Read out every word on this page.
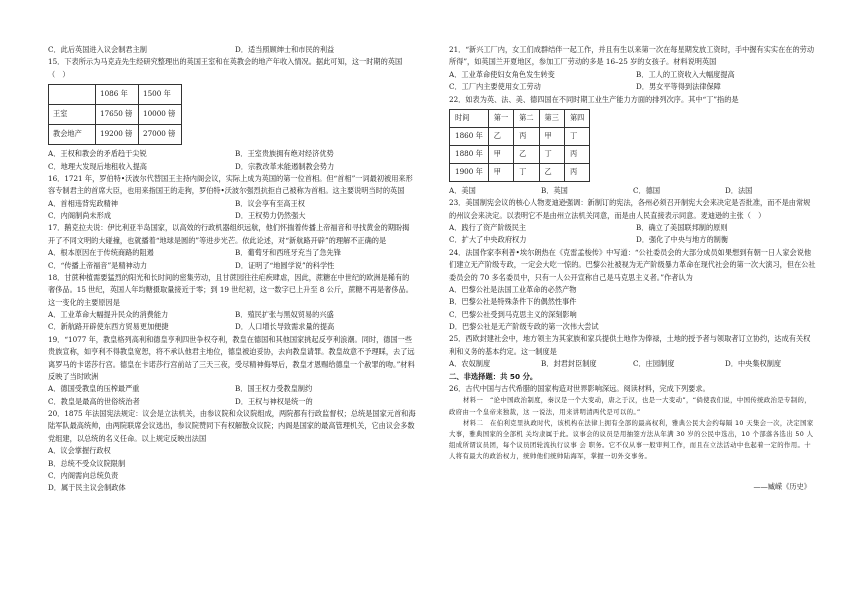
C．此后英国进入议会制君主制	D．适当照顾绅士和市民的利益

15．下表所示为马克垚先生经研究整理出的英国王室和在英教会的地产年收入情况。据此可知，这一时期的英国（　）

	1086 年	1500 年
王室	17650 镑	10000 镑
教会地产	19200 镑	27000 镑
A．王权和教会的矛盾趋于尖锐	B．王室贵族拥有绝对经济优势
C．地理大发现后地租收入提高	D．宗教改革未能遏制教会势力

16．1721 年，罗伯特•沃波尔代替国王主持内阁会议，实际上成为英国的第一位首相。但“首相”一词最初被用来形容专制君主的首席大臣，也用来指国王的走狗，罗伯特•沃波尔强烈抗拒自己被称为首相。这主要说明当时的英国

A．首相违背宪政精神	B．议会享有至高王权
C．内阁制尚未形成	D．王权势力仍然强大

17．鹅克拉夫说：伊比利亚半岛国家，以高效的行政机器组织远航，他们怀揣着传播上帝福音和寻找黄金的期盼揭开了不同文明的大碰撞，也就播着“地球是圆的”等进步光芒。依此论述，对“新航路开辟”的理解不正确的是

A．根本原因在于传统商路的阻遏	B．葡萄牙和西班牙充当了急先锋
C．“传播上帝福音”是精神动力	D．证明了“地圆学说”的科学性

18．甘蔗种植需要猛烈的阳光和长时间的密集劳动，且甘蔗园往往疟疾肆虐，因此，蔗糖在中世纪的欧洲是稀有的奢侈品。15 世纪，英国人年均糖摄取量接近于零；到 19 世纪初，这一数字已上升至 8 公斤，蔗糖不再是奢侈品。这一变化的主要原因是

A．工业革命大幅提升民众的消费能力	B．殖民扩张与黑奴贸易的兴盛
C．新航路开辟使东西方贸易更加便捷	D．人口增长导致需求量的提高

19．“1077 年，教皇格列高利和德皇亨利四世争权夺利，教皇在德国和其他国家挑起反亨利浪潮。同时，德国一些贵族宣称，如亨利不得教皇宽恕，将不承认他君主地位，德皇被迫妥协，去向教皇请罪。教皇故意不予理睬，去了远离罗马的卡诺莎行宫。德皇在卡诺莎行宫前站了三天三夜，受尽精神侮辱后，教皇才恩赐给德皇一个赦罪的吻。”材料反映了当时欧洲

A．德国受教皇的压榨最严重	B．国王权力受教皇制约
C．教皇是最高的世俗统治者	D．王权与神权是统一的

20．1875 年法国宪法规定：议会是立法机关，由参议院和众议院组成，两院都有行政监督权；总统是国家元首和海陆军队最高统帅，由两院联席会议选出，参议院赞同下有权解散众议院；内阁是国家的最高管理机关，它由议会多数党组建，以总统的名义任命。以上规定反映出法国

A．议会掌握行政权

B．总统不受众议院限制

C．内阁需向总统负责

D．属于民主议会制政体

21．“新兴工厂内，女工们成群结伴一起工作，并且有生以来第一次在每星期发放工资时，手中握有实实在在的劳动所得”，如英国兰开夏地区，参加工厂劳动的多是 16–25 岁的女孩子。材料说明英国

A．工业革命使妇女角色发生转变	B．工人的工资收入大幅度提高
C．工厂内主要使用女工劳动	D．男女平等得到法律保障

22．如表为英、法、美、德四国在不同时期工业生产能力方面的排列次序。其中“丁”指的是

时间	第一	第二	第三	第四
1860 年	乙	丙	甲	丁
1880 年	甲	乙	丁	丙
1900 年	甲	丁	乙	丙
A．美国	B．英国	C．德国	D．法国

23．美国制宪会议的核心人物麦迪逊强调：新制订的宪法，各州必须召开制宪大会来决定是否批准，而不是由常规的州议会来决定。以表明它不是由州立法机关同意，而是由人民直接表示同意。麦迪逊的主张（　）

A．践行了资产阶级民主	B．确立了美国联邦制的原则
C．扩大了中央政府权力	D．强化了中央与地方的制衡

24．法国作家李利普•埃尔朗热在《克雷孟梭传》中写道：“公社委员会的大部分成员如果想到有朝一日人家会说他们建立无产阶级专政，一定会大吃一惊的。巴黎公社被视为无产阶级暴力革命在现代社会的第一次大演习，但在公社委员会的 70 多名委员中，只有一人公开宣称自己是马克思主义者。”作者认为

A．巴黎公社是法国工业革命的必然产物

B．巴黎公社是特殊条件下的偶然性事件

C．巴黎公社受到马克思主义的深刻影响

D．巴黎公社是无产阶级专政的第一次伟大尝试

25．西欧封建社会中，地方领主为其家族和家兵提供土地作为俸禄，土地的授予者与领取者订立协约，达成有关权利和义务的基本约定。这一制度是

A．农奴制度	B．封君封臣制度	C．庄园制度	D．中央集权制度

二、非选择题：共 50 分。

26．古代中国与古代希腊的国家构造对世界影响深远。阅读材料，完成下列要求。

材料一　“论中国政治制度，秦汉是一个大变动，唐之于汉，也是一大变动”，“倘使我们说，中国传统政治是专制的，政府由一个皇帝来独裁，这 一说法，用来讲明清两代是可以的。”

材料二　在伯利克里执政时代，该机构在法律上拥有全部的最高权利，雅典公民大会约每隔 10 天集会一次，决定国家大事，雅典国家的全部机 关均隶属于此。议事会的议员是用抽签方法从年满 30 岁的公民中选出，10 个部落各选出 50 人组成所谓议员团，每个议员团轮流执行议事 会 职务。它不仅从事一般审判工作，而且在立法活动中也起着一定的作用。十人将有最大的政治权力，统帅他们统帅陆海军，掌握一切外交事务。

——臧嵘《历史》
